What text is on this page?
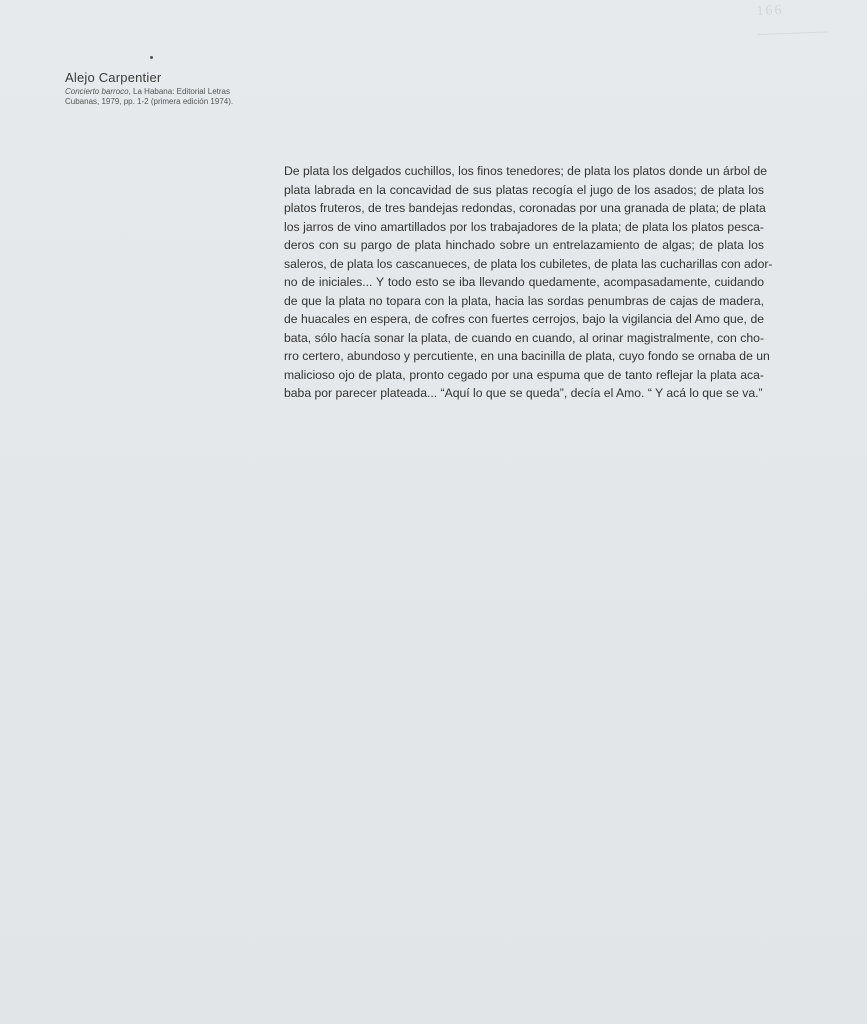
166

Alejo Carpentier

Concierto barroco, La Habana: Editorial Letras
Cubanas, 1979, pp. 1-2 (primera edición 1974).

De plata los delgados cuchillos, los finos tenedores; de plata los platos donde un árbol de
plata labrada en la concavidad de sus platas recogía el jugo de los asados; de plata los
platos fruteros, de tres bandejas redondas, coronadas por una granada de plata; de plata
los jarros de vino amartillados por los trabajadores de la plata; de plata los platos pesca-
deros con su pargo de plata hinchado sobre un entrelazamiento de algas; de plata los
saleros, de plata los cascanueces, de plata los cubiletes, de plata las cucharillas con ador-
no de iniciales... Y todo esto se iba llevando quedamente, acompasadamente, cuidando
de que la plata no topara con la plata, hacia las sordas penumbras de cajas de madera,
de huacales en espera, de cofres con fuertes cerrojos, bajo la vigilancia del Amo que, de
bata, sólo hacía sonar la plata, de cuando en cuando, al orinar magistralmente, con cho-
rro certero, abundoso y percutiente, en una bacinilla de plata, cuyo fondo se ornaba de un
malicioso ojo de plata, pronto cegado por una espuma que de tanto reflejar la plata aca-
baba por parecer plateada... “Aquí lo que se queda”, decía el Amo. “ Y acá lo que se va.”
